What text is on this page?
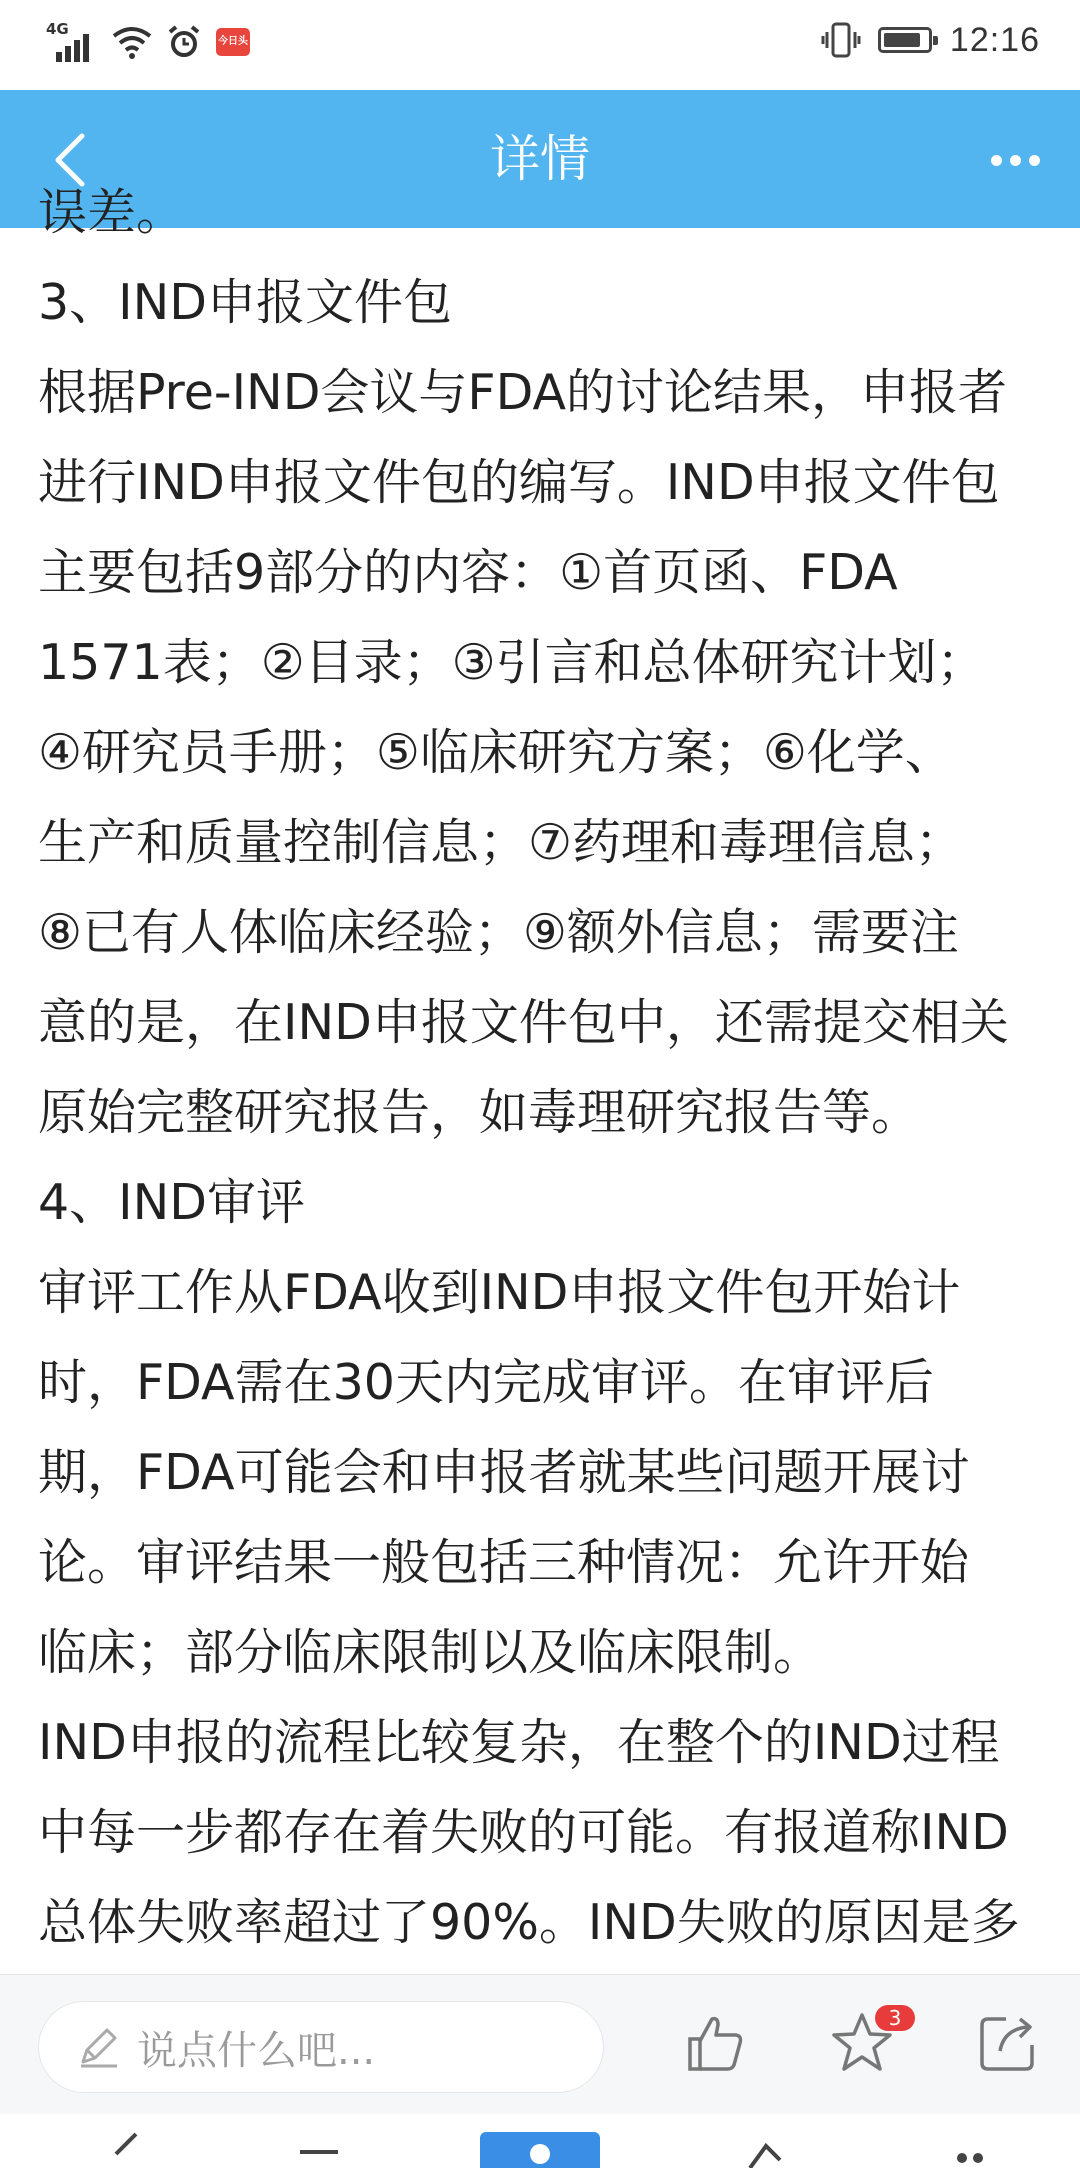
4G
今日头条
12:16
详情
误差。
3、IND申报文件包
根据Pre-IND会议与FDA的讨论结果，申报者
进行IND申报文件包的编写。IND申报文件包
主要包括9部分的内容：①首页函、FDA
1571表；②目录；③引言和总体研究计划；
④研究员手册；⑤临床研究方案；⑥化学、
生产和质量控制信息；⑦药理和毒理信息；
⑧已有人体临床经验；⑨额外信息；需要注
意的是，在IND申报文件包中，还需提交相关
原始完整研究报告，如毒理研究报告等。
4、IND审评
审评工作从FDA收到IND申报文件包开始计
时，FDA需在30天内完成审评。在审评后
期，FDA可能会和申报者就某些问题开展讨
论。审评结果一般包括三种情况：允许开始
临床；部分临床限制以及临床限制。
IND申报的流程比较复杂，在整个的IND过程
中每一步都存在着失败的可能。有报道称IND
总体失败率超过了90%。IND失败的原因是多
说点什么吧...
3
